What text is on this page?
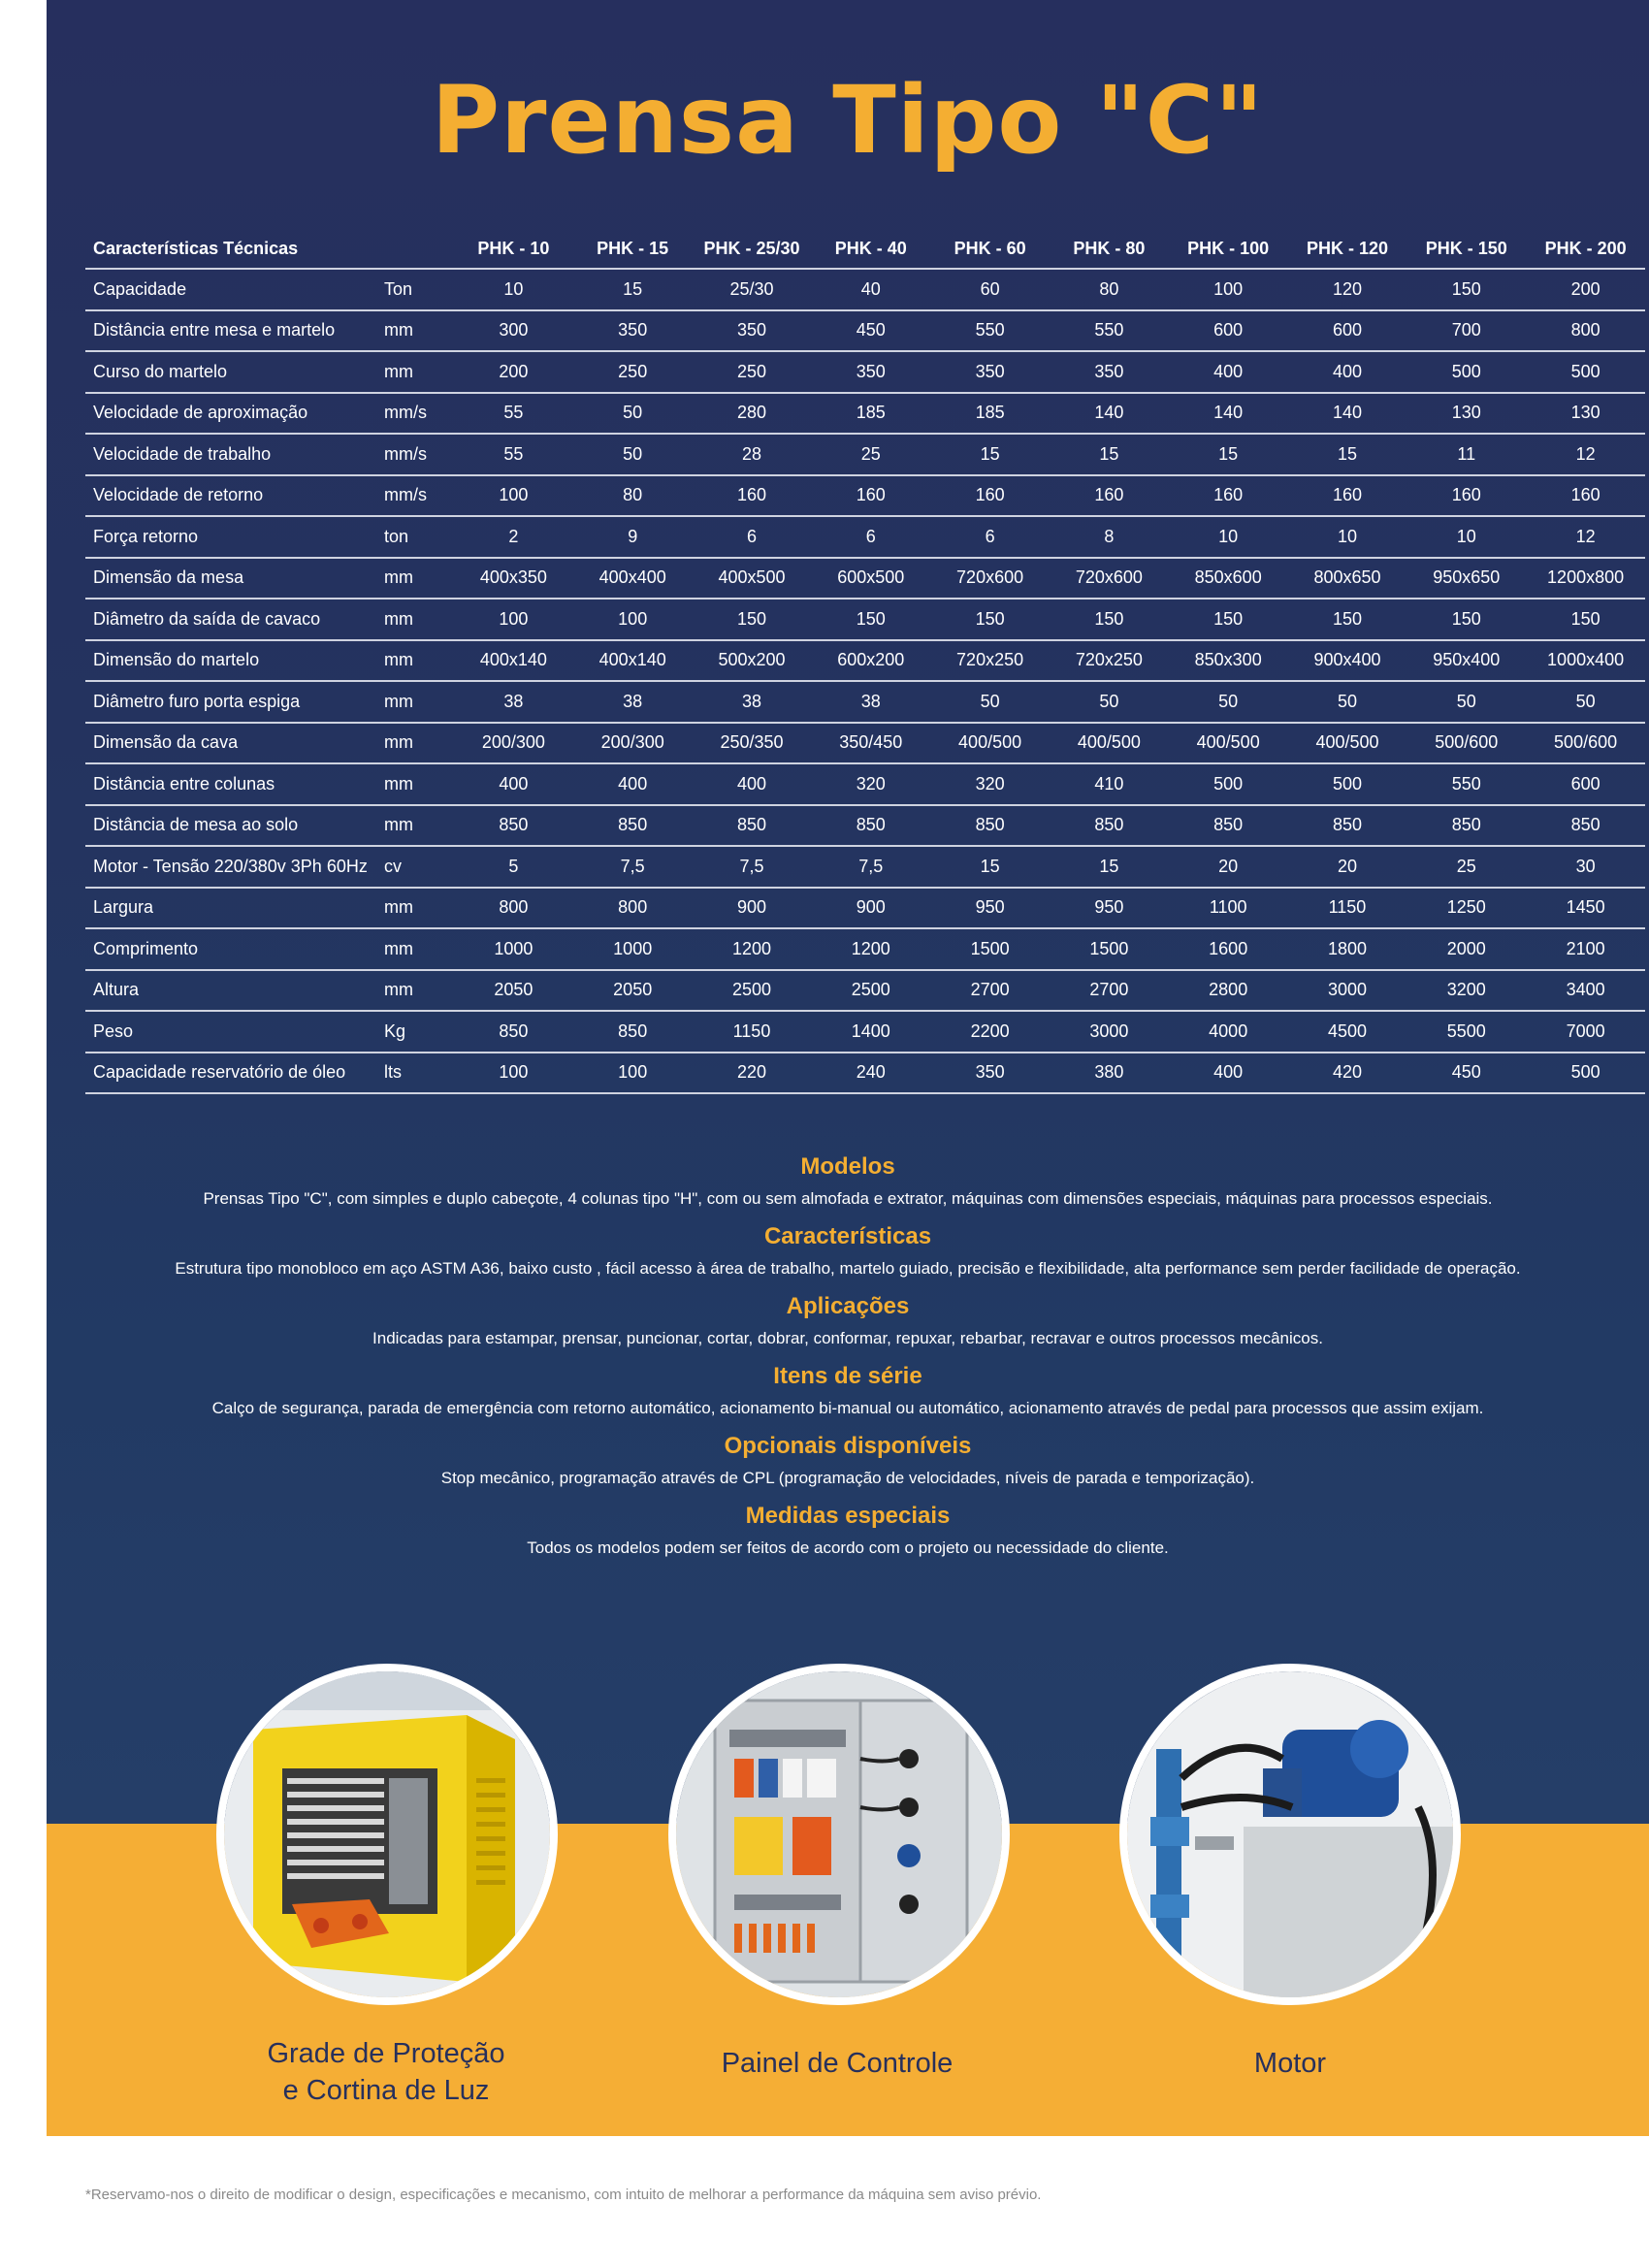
Prensa Tipo "C"
Características Técnicas		PHK - 10	PHK - 15	PHK - 25/30	PHK - 40	PHK - 60	PHK - 80	PHK - 100	PHK - 120	PHK - 150	PHK - 200
Capacidade	Ton	10	15	25/30	40	60	80	100	120	150	200
Distância entre mesa e martelo	mm	300	350	350	450	550	550	600	600	700	800
Curso do martelo	mm	200	250	250	350	350	350	400	400	500	500
Velocidade de aproximação	mm/s	55	50	280	185	185	140	140	140	130	130
Velocidade de trabalho	mm/s	55	50	28	25	15	15	15	15	11	12
Velocidade de retorno	mm/s	100	80	160	160	160	160	160	160	160	160
Força retorno	ton	2	9	6	6	6	8	10	10	10	12
Dimensão da mesa	mm	400x350	400x400	400x500	600x500	720x600	720x600	850x600	800x650	950x650	1200x800
Diâmetro da saída de cavaco	mm	100	100	150	150	150	150	150	150	150	150
Dimensão do martelo	mm	400x140	400x140	500x200	600x200	720x250	720x250	850x300	900x400	950x400	1000x400
Diâmetro furo porta espiga	mm	38	38	38	38	50	50	50	50	50	50
Dimensão da cava	mm	200/300	200/300	250/350	350/450	400/500	400/500	400/500	400/500	500/600	500/600
Distância entre colunas	mm	400	400	400	320	320	410	500	500	550	600
Distância de mesa ao solo	mm	850	850	850	850	850	850	850	850	850	850
Motor - Tensão 220/380v 3Ph 60Hz	cv	5	7,5	7,5	7,5	15	15	20	20	25	30
Largura	mm	800	800	900	900	950	950	1100	1150	1250	1450
Comprimento	mm	1000	1000	1200	1200	1500	1500	1600	1800	2000	2100
Altura	mm	2050	2050	2500	2500	2700	2700	2800	3000	3200	3400
Peso	Kg	850	850	1150	1400	2200	3000	4000	4500	5500	7000
Capacidade reservatório de óleo	lts	100	100	220	240	350	380	400	420	450	500
Modelos
Prensas Tipo "C", com simples e duplo cabeçote, 4 colunas tipo "H", com ou sem almofada e extrator, máquinas com dimensões especiais, máquinas para processos especiais.
Características
Estrutura tipo monobloco em aço ASTM A36, baixo custo , fácil acesso à área de trabalho, martelo guiado, precisão e flexibilidade, alta performance sem perder facilidade de operação.
Aplicações
Indicadas para estampar, prensar, puncionar, cortar, dobrar, conformar, repuxar, rebarbar, recravar e outros processos mecânicos.
Itens de série
Calço de segurança, parada de emergência com retorno automático, acionamento bi-manual ou automático, acionamento através de pedal para processos que assim exijam.
Opcionais disponíveis
Stop mecânico, programação através de CPL (programação de velocidades, níveis de parada e temporização).
Medidas especiais
Todos os modelos podem ser feitos de acordo com o projeto ou necessidade do cliente.
Grade de Proteção
e Cortina de Luz
Painel de Controle	Motor
*Reservamo-nos o direito de modificar o design, especificações e mecanismo, com intuito de melhorar a performance da máquina sem aviso prévio.
